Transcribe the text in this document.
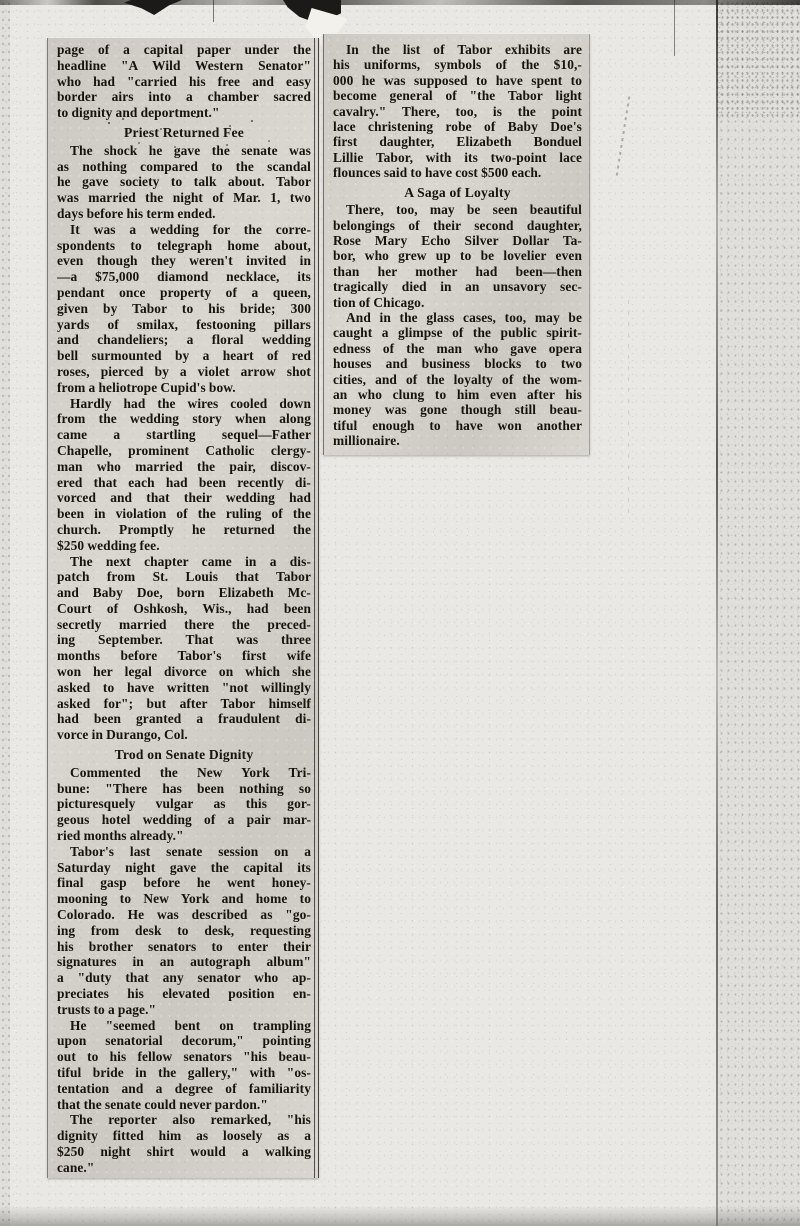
page of a capital paper under the
headline "A Wild Western Senator"
who had "carried his free and easy
border airs into a chamber sacred
to dignity and deportment."
Priest Returned Fee
The shock he gave the senate was
as nothing compared to the scandal
he gave society to talk about. Tabor
was married the night of Mar. 1, two
days before his term ended.
It was a wedding for the corre-
spondents to telegraph home about,
even though they weren't invited in
—a $75,000 diamond necklace, its
pendant once property of a queen,
given by Tabor to his bride; 300
yards of smilax, festooning pillars
and chandeliers; a floral wedding
bell surmounted by a heart of red
roses, pierced by a violet arrow shot
from a heliotrope Cupid's bow.
Hardly had the wires cooled down
from the wedding story when along
came a startling sequel—Father
Chapelle, prominent Catholic clergy-
man who married the pair, discov-
ered that each had been recently di-
vorced and that their wedding had
been in violation of the ruling of the
church. Promptly he returned the
$250 wedding fee.
The next chapter came in a dis-
patch from St. Louis that Tabor
and Baby Doe, born Elizabeth Mc-
Court of Oshkosh, Wis., had been
secretly married there the preced-
ing September. That was three
months before Tabor's first wife
won her legal divorce on which she
asked to have written "not willingly
asked for"; but after Tabor himself
had been granted a fraudulent di-
vorce in Durango, Col.
Trod on Senate Dignity
Commented the New York Tri-
bune: "There has been nothing so
picturesquely vulgar as this gor-
geous hotel wedding of a pair mar-
ried months already."
Tabor's last senate session on a
Saturday night gave the capital its
final gasp before he went honey-
mooning to New York and home to
Colorado. He was described as "go-
ing from desk to desk, requesting
his brother senators to enter their
signatures in an autograph album"
a "duty that any senator who ap-
preciates his elevated position en-
trusts to a page."
He "seemed bent on trampling
upon senatorial decorum," pointing
out to his fellow senators "his beau-
tiful bride in the gallery," with "os-
tentation and a degree of familiarity
that the senate could never pardon."
The reporter also remarked, "his
dignity fitted him as loosely as a
$250 night shirt would a walking
cane."
In the list of Tabor exhibits are
his uniforms, symbols of the $10,-
000 he was supposed to have spent to
become general of "the Tabor light
cavalry." There, too, is the point
lace christening robe of Baby Doe's
first daughter, Elizabeth Bonduel
Lillie Tabor, with its two-point lace
flounces said to have cost $500 each.
A Saga of Loyalty
There, too, may be seen beautiful
belongings of their second daughter,
Rose Mary Echo Silver Dollar Ta-
bor, who grew up to be lovelier even
than her mother had been—then
tragically died in an unsavory sec-
tion of Chicago.
And in the glass cases, too, may be
caught a glimpse of the public spirit-
edness of the man who gave opera
houses and business blocks to two
cities, and of the loyalty of the wom-
an who clung to him even after his
money was gone though still beau-
tiful enough to have won another
millionaire.
